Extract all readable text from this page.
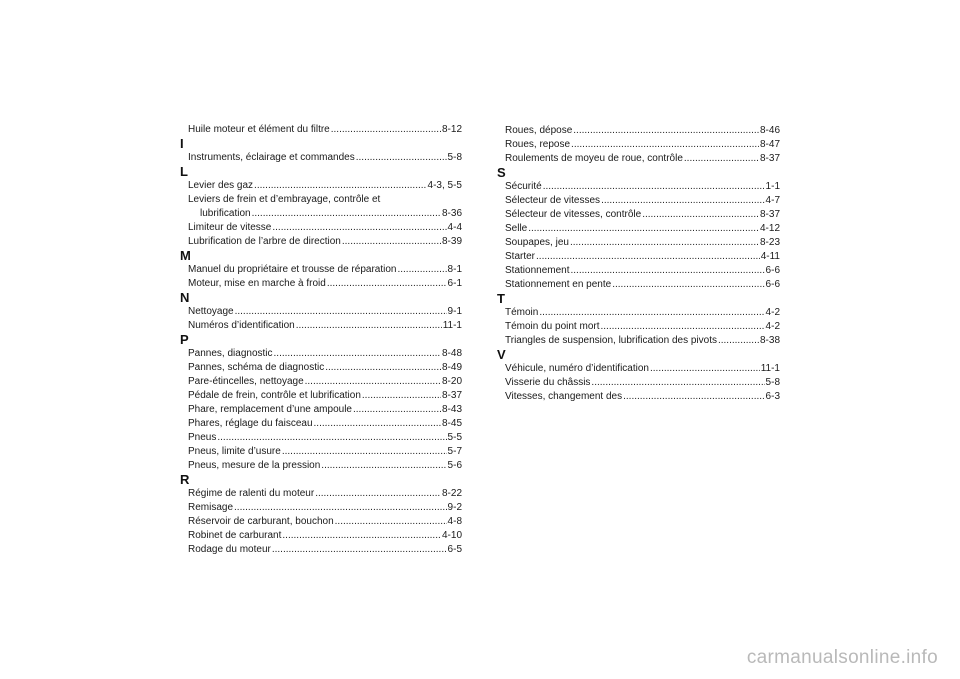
Huile moteur et élément du filtre .....	8-12
I
Instruments, éclairage et commandes .....	5-8
L
Levier des gaz .....	4-3, 5-5
Leviers de frein et d’embrayage, contrôle et
lubrification .....	8-36
Limiteur de vitesse .....	4-4
Lubrification de l’arbre de direction .....	8-39
M
Manuel du propriétaire et trousse de réparation .....	8-1
Moteur, mise en marche à froid .....	6-1
N
Nettoyage .....	9-1
Numéros d’identification .....	11-1
P
Pannes, diagnostic .....	8-48
Pannes, schéma de diagnostic .....	8-49
Pare-étincelles, nettoyage .....	8-20
Pédale de frein, contrôle et lubrification .....	8-37
Phare, remplacement d’une ampoule .....	8-43
Phares, réglage du faisceau .....	8-45
Pneus .....	5-5
Pneus, limite d’usure .....	5-7
Pneus, mesure de la pression .....	5-6
R
Régime de ralenti du moteur .....	8-22
Remisage .....	9-2
Réservoir de carburant, bouchon .....	4-8
Robinet de carburant .....	4-10
Rodage du moteur .....	6-5
Roues, dépose .....	8-46
Roues, repose .....	8-47
Roulements de moyeu de roue, contrôle .....	8-37
S
Sécurité .....	1-1
Sélecteur de vitesses .....	4-7
Sélecteur de vitesses, contrôle .....	8-37
Selle .....	4-12
Soupapes, jeu .....	8-23
Starter .....	4-11
Stationnement .....	6-6
Stationnement en pente .....	6-6
T
Témoin .....	4-2
Témoin du point mort .....	4-2
Triangles de suspension, lubrification des pivots .....	8-38
V
Véhicule, numéro d’identification .....	11-1
Visserie du châssis .....	5-8
Vitesses, changement des .....	6-3
carmanualsonline.info
